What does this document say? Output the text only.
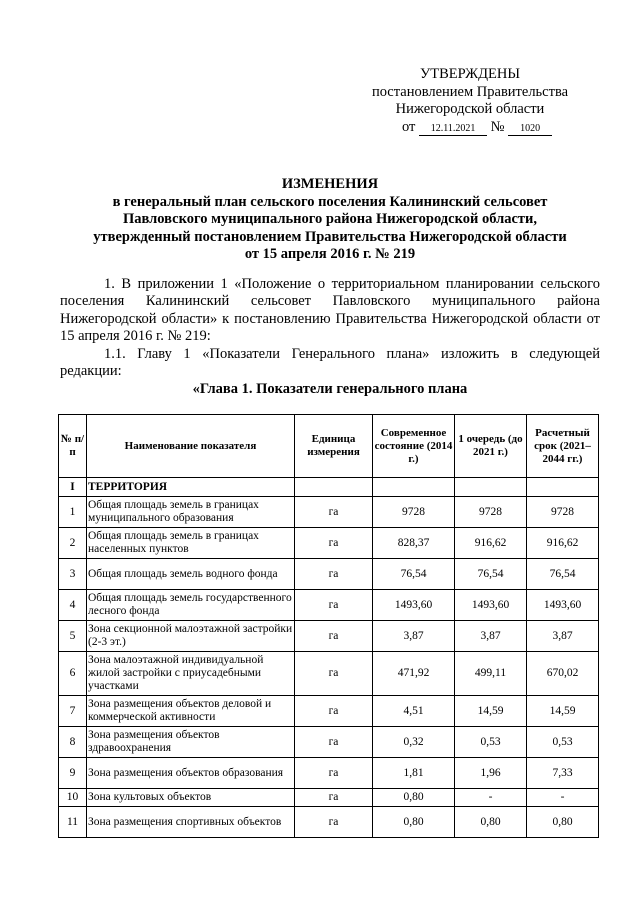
УТВЕРЖДЕНЫ
постановлением Правительства
Нижегородской области
от 12.11.2021 № 1020
ИЗМЕНЕНИЯ
в генеральный план сельского поселения Калининский сельсовет
Павловского муниципального района Нижегородской области,
утвержденный постановлением Правительства Нижегородской области
от 15 апреля 2016 г. № 219
1. В приложении 1 «Положение о территориальном планировании сельского поселения Калининский сельсовет Павловского муниципального района Нижегородской области» к постановлению Правительства Нижегородской области от 15 апреля 2016 г. № 219:
1.1. Главу 1 «Показатели Генерального плана» изложить в следующей редакции:
«Глава 1. Показатели генерального плана
№ п/п	Наименование показателя	Единица измерения	Современное состояние (2014 г.)	1 очередь (до 2021 г.)	Расчетный срок (2021–2044 гг.)
I	ТЕРРИТОРИЯ				
1	Общая площадь земель в границах муниципального образования	га	9728	9728	9728
2	Общая площадь земель в границах населенных пунктов	га	828,37	916,62	916,62
3	Общая площадь земель водного фонда	га	76,54	76,54	76,54
4	Общая площадь земель государственного лесного фонда	га	1493,60	1493,60	1493,60
5	Зона секционной малоэтажной застройки (2-3 эт.)	га	3,87	3,87	3,87
6	Зона малоэтажной индивидуальной жилой застройки с приусадебными участками	га	471,92	499,11	670,02
7	Зона размещения объектов деловой и коммерческой активности	га	4,51	14,59	14,59
8	Зона размещения объектов здравоохранения	га	0,32	0,53	0,53
9	Зона размещения объектов образования	га	1,81	1,96	7,33
10	Зона культовых объектов	га	0,80	-	-
11	Зона размещения спортивных объектов	га	0,80	0,80	0,80
